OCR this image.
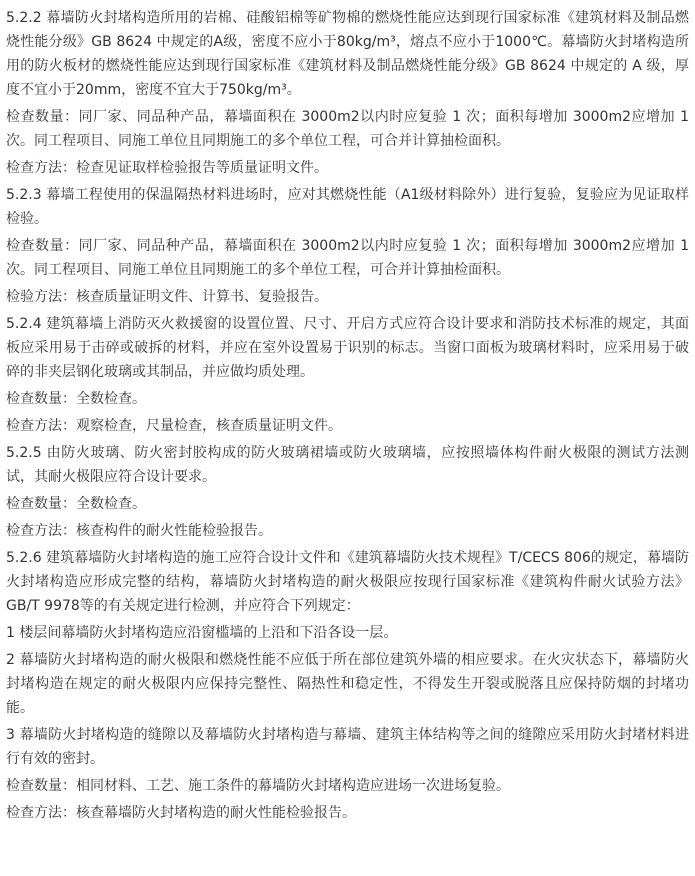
5.2.2 幕墙防火封堵构造所用的岩棉、硅酸铝棉等矿物棉的燃烧性能应达到现行国家标准《建筑材料及制品燃烧性能分级》GB 8624 中规定的A级，密度不应小于80kg/m³，熔点不应小于1000℃。幕墙防火封堵构造所用的防火板材的燃烧性能应达到现行国家标准《建筑材料及制品燃烧性能分级》GB 8624 中规定的 A 级，厚度不宜小于20mm，密度不宜大于750kg/m³。

检查数量：同厂家、同品种产品，幕墙面积在 3000m2以内时应复验 1 次；面积每增加 3000m2应增加 1 次。同工程项目、同施工单位且同期施工的多个单位工程，可合并计算抽检面积。

检查方法：检查见证取样检验报告等质量证明文件。

5.2.3 幕墙工程使用的保温隔热材料进场时，应对其燃烧性能（A1级材料除外）进行复验，复验应为见证取样检验。

检查数量：同厂家、同品种产品，幕墙面积在 3000m2以内时应复验 1 次；面积每增加 3000m2应增加 1 次。同工程项目、同施工单位且同期施工的多个单位工程，可合并计算抽检面积。

检验方法：核查质量证明文件、计算书、复验报告。

5.2.4 建筑幕墙上消防灭火救援窗的设置位置、尺寸、开启方式应符合设计要求和消防技术标准的规定，其面板应采用易于击碎或破拆的材料，并应在室外设置易于识别的标志。当窗口面板为玻璃材料时，应采用易于破碎的非夹层钢化玻璃或其制品，并应做均质处理。

检查数量：全数检查。

检查方法：观察检查，尺量检查，核查质量证明文件。

5.2.5 由防火玻璃、防火密封胶构成的防火玻璃裙墙或防火玻璃墙，应按照墙体构件耐火极限的测试方法测试，其耐火极限应符合设计要求。

检查数量：全数检查。

检查方法：核查构件的耐火性能检验报告。

5.2.6 建筑幕墙防火封堵构造的施工应符合设计文件和《建筑幕墙防火技术规程》T/CECS 806的规定，幕墙防火封堵构造应形成完整的结构，幕墙防火封堵构造的耐火极限应按现行国家标准《建筑构件耐火试验方法》GB/T 9978等的有关规定进行检测，并应符合下列规定：

1 楼层间幕墙防火封堵构造应沿窗槛墙的上沿和下沿各设一层。

2 幕墙防火封堵构造的耐火极限和燃烧性能不应低于所在部位建筑外墙的相应要求。在火灾状态下，幕墙防火封堵构造在规定的耐火极限内应保持完整性、隔热性和稳定性，不得发生开裂或脱落且应保持防烟的封堵功能。

3 幕墙防火封堵构造的缝隙以及幕墙防火封堵构造与幕墙、建筑主体结构等之间的缝隙应采用防火封堵材料进行有效的密封。

检查数量：相同材料、工艺、施工条件的幕墙防火封堵构造应进场一次进场复验。

检查方法：核查幕墙防火封堵构造的耐火性能检验报告。
